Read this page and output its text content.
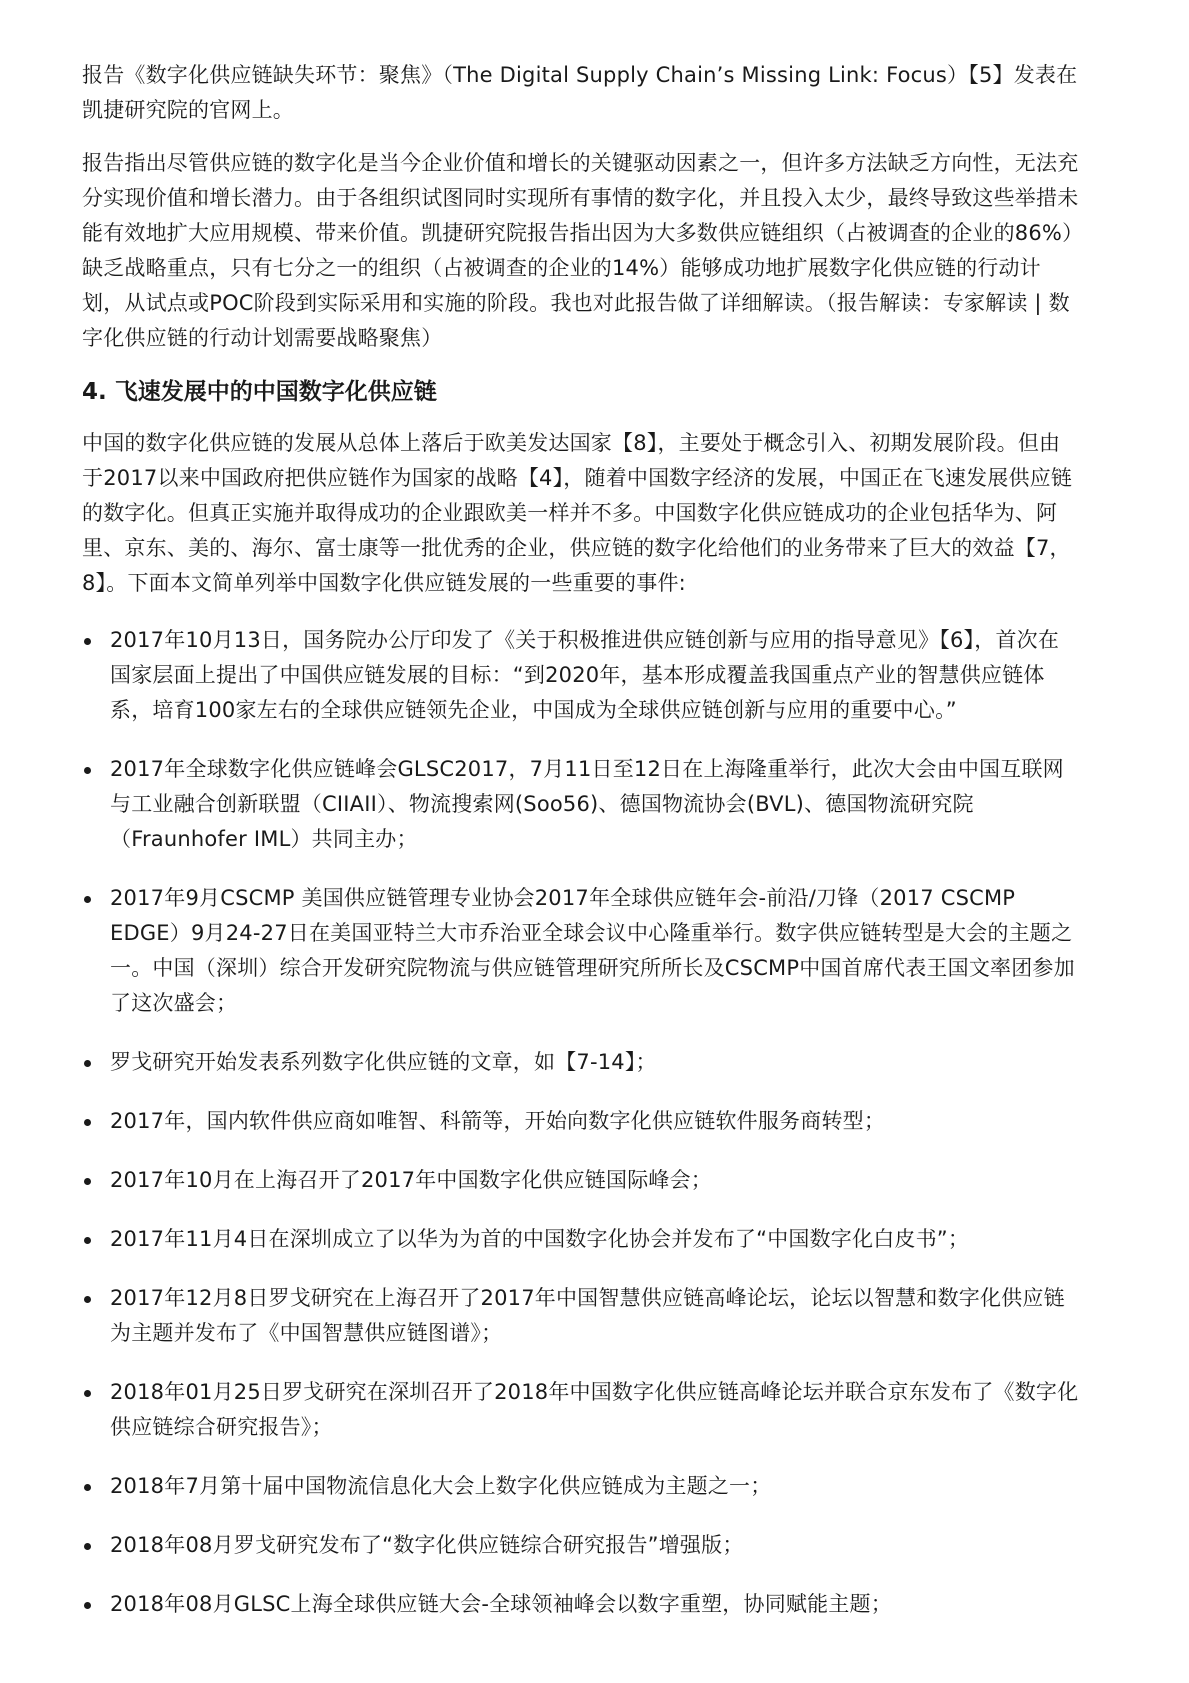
报告《数字化供应链缺失环节：聚焦》（The Digital Supply Chain’s Missing Link: Focus）【5】发表在凯捷研究院的官网上。

报告指出尽管供应链的数字化是当今企业价值和增长的关键驱动因素之一，但许多方法缺乏方向性，无法充分实现价值和增长潜力。由于各组织试图同时实现所有事情的数字化，并且投入太少，最终导致这些举措未能有效地扩大应用规模、带来价值。凯捷研究院报告指出因为大多数供应链组织（占被调查的企业的86%）缺乏战略重点，只有七分之一的组织（占被调查的企业的14%）能够成功地扩展数字化供应链的行动计划，从试点或POC阶段到实际采用和实施的阶段。我也对此报告做了详细解读。（报告解读：专家解读 | 数字化供应链的行动计划需要战略聚焦）

4. 飞速发展中的中国数字化供应链

中国的数字化供应链的发展从总体上落后于欧美发达国家【8】，主要处于概念引入、初期发展阶段。但由于2017以来中国政府把供应链作为国家的战略【4】，随着中国数字经济的发展，中国正在飞速发展供应链的数字化。但真正实施并取得成功的企业跟欧美一样并不多。中国数字化供应链成功的企业包括华为、阿里、京东、美的、海尔、富士康等一批优秀的企业，供应链的数字化给他们的业务带来了巨大的效益【7，8】。下面本文简单列举中国数字化供应链发展的一些重要的事件:

2017年10月13日，国务院办公厅印发了《关于积极推进供应链创新与应用的指导意见》【6】，首次在国家层面上提出了中国供应链发展的目标：“到2020年，基本形成覆盖我国重点产业的智慧供应链体系，培育100家左右的全球供应链领先企业，中国成为全球供应链创新与应用的重要中心。”
2017年全球数字化供应链峰会GLSC2017，7月11日至12日在上海隆重举行，此次大会由中国互联网与工业融合创新联盟（CIIAII）、物流搜索网(Soo56)、德国物流协会(BVL)、德国物流研究院（Fraunhofer IML）共同主办；
2017年9月CSCMP 美国供应链管理专业协会2017年全球供应链年会-前沿/刀锋（2017 CSCMP EDGE）9月24-27日在美国亚特兰大市乔治亚全球会议中心隆重举行。数字供应链转型是大会的主题之一。中国（深圳）综合开发研究院物流与供应链管理研究所所长及CSCMP中国首席代表王国文率团参加了这次盛会；
罗戈研究开始发表系列数字化供应链的文章，如【7-14】；
2017年，国内软件供应商如唯智、科箭等，开始向数字化供应链软件服务商转型；
2017年10月在上海召开了2017年中国数字化供应链国际峰会；
2017年11月4日在深圳成立了以华为为首的中国数字化协会并发布了“中国数字化白皮书”；
2017年12月8日罗戈研究在上海召开了2017年中国智慧供应链高峰论坛，论坛以智慧和数字化供应链为主题并发布了《中国智慧供应链图谱》；
2018年01月25日罗戈研究在深圳召开了2018年中国数字化供应链高峰论坛并联合京东发布了《数字化供应链综合研究报告》；
2018年7月第十届中国物流信息化大会上数字化供应链成为主题之一；
2018年08月罗戈研究发布了“数字化供应链综合研究报告”增强版；
2018年08月GLSC上海全球供应链大会-全球领袖峰会以数字重塑，协同赋能主题；
